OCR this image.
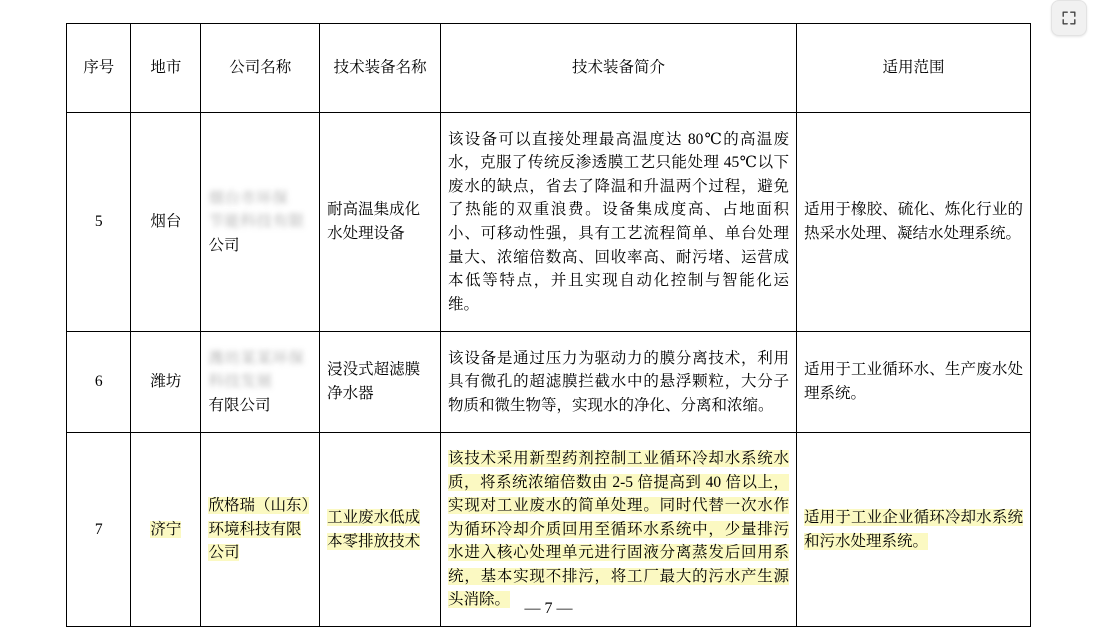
序号	地市	公司名称	技术装备名称	技术装备简介	适用范围
5	烟台	烟台市环保
节能科技有限
公司	耐高温集成化水处理设备	该设备可以直接处理最高温度达 80℃的高温废水，克服了传统反渗透膜工艺只能处理 45℃以下废水的缺点，省去了降温和升温两个过程，避免了热能的双重浪费。设备集成度高、占地面积小、可移动性强，具有工艺流程简单、单台处理量大、浓缩倍数高、回收率高、耐污堵、运营成本低等特点，并且实现自动化控制与智能化运维。	适用于橡胶、硫化、炼化行业的热采水处理、凝结水处理系统。
6	潍坊	潍坊某某环保
科技发展
有限公司	浸没式超滤膜净水器	该设备是通过压力为驱动力的膜分离技术，利用具有微孔的超滤膜拦截水中的悬浮颗粒，大分子物质和微生物等，实现水的净化、分离和浓缩。	适用于工业循环水、生产废水处理系统。
7	济宁	欣格瑞（山东）环境科技有限公司	工业废水低成本零排放技术	该技术采用新型药剂控制工业循环冷却水系统水质，将系统浓缩倍数由 2-5 倍提高到 40 倍以上，实现对工业废水的简单处理。同时代替一次水作为循环冷却介质回用至循环水系统中，少量排污水进入核心处理单元进行固液分离蒸发后回用系统，基本实现不排污，将工厂最大的污水产生源头消除。	适用于工业企业循环冷却水系统和污水处理系统。
— 7 —
